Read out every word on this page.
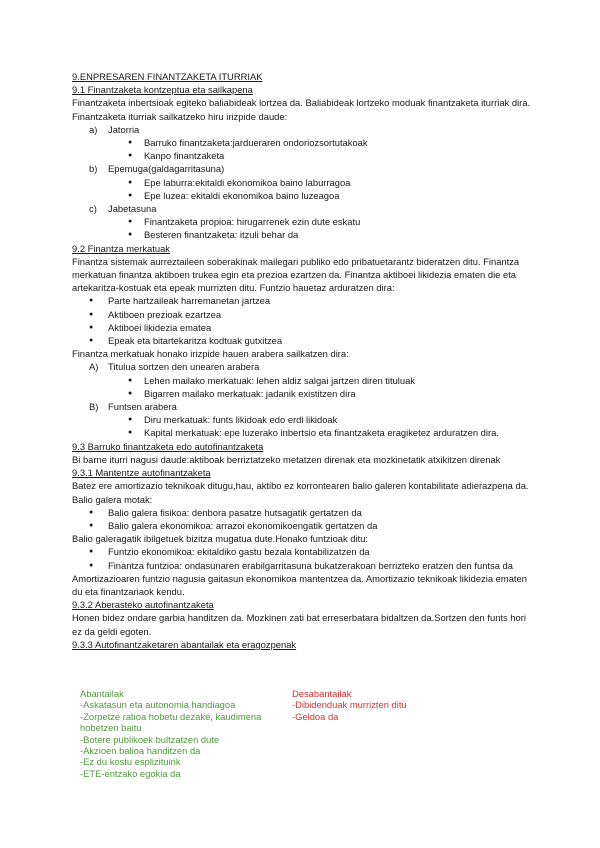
9.ENPRESAREN FINANTZAKETA ITURRIAK

9.1 Finantzaketa kontzeptua eta sailkapena

Finantzaketa inbertsioak egiteko baliabideak lortzea da. Baliabideak lortzeko moduak finantzaketa iturriak dira. Finantzaketa iturriak sailkatzeko hiru irizpide daude:

a) Jatorria
● Barruko finantzaketa:jardueraren ondoriozsortutakoak
● Kanpo finantzaketa
b) Epemuga(galdagarritasuna)
● Epe laburra:ekitaldi ekonomikoa baino laburragoa
● Epe luzea: ekitaldi ekonomikoa baino luzeagoa
c) Jabetasuna
● Finantzaketa propioa: hirugarrenek ezin dute eskatu
● Besteren finantzaketa: itzuli behar da

9.2 Finantza merkatuak

Finantza sistemak aurreztaileen soberakinak mailegari publiko edo pribatuetarantz bideratzen ditu. Finantza merkatuan finantza aktiboen trukea egin eta prezioa ezartzen da. Finantza aktiboei likidezia ematen die eta artekaritza-kostuak eta epeak murrizten ditu. Funtzio hauetaz arduratzen dira:

● Parte hartzaileak harremanetan jartzea
● Aktiboen prezioak ezartzea
● Aktiboei likidezia ematea
● Epeak eta bitartekaritza kodtuak gutxitzea

Finantza merkatuak honako irizpide hauen arabera sailkatzen dira:

A) Titulua sortzen den unearen arabera
● Lehen mailako merkatuak: lehen aldiz salgai jartzen diren tituluak
● Bigarren mailako merkatuak: jadanik existitzen dira
B) Funtsen arabera
● Diru merkatuak: funts likidoak edo erdi likidoak
● Kapital merkatuak: epe luzerako inbertsio eta finantzaketa eragiketez arduratzen dira.

9.3 Barruko finantzaketa edo autofinantzaketa

Bi barne iturri nagusi daude:aktiboak berriztatzeko metatzen direnak eta mozkinetatik atxikitzen direnak

9.3.1 Mantentze autofinantzaketa

Batez ere amortizazio teknikoak ditugu,hau, aktibo ez korrontearen balio galeren kontabilitate adierazpena da. Balio galera motak:

● Balio galera fisikoa: denbora pasatze hutsagatik gertatzen da
● Balio galera ekonomikoa: arrazoi ekonomikoengatik gertatzen da

Balio galeragatik ibilgetuek bizitza mugatua dute.Honako funtzioak ditu:

● Funtzio ekonomikoa: ekitaldiko gastu bezala kontabilizatzen da
● Finantza funtzioa: ondasunaren erabilgarritasuna bukatzerakoan berrizteko eratzen den funtsa da

Amortizazioaren funtzio nagusia gaitasun ekonomikoa mantentzea da. Amortizazio teknikoak likidezia ematen du eta finantzariaok kendu.

9.3.2 Aberasteko autofinantzaketa

Honen bidez ondare garbia handitzen da. Mozkinen zati bat erreserbatara bidaltzen da.Sortzen den funts hori ez da geldi egoten.

9.3.3 Autofinantzaketaren abantailak eta eragozpenak

Abantailak
-Askatasun eta autonomia handiagoa
-Zorpetze ratioa hobetu dezake, kaudimena hobetzen baitu
-Botere publikoek bultzatzen dute
-Akzioen balioa handitzen da
-Ez du kostu esplizituirik
-ETE-entzako egokia da
Desabantailak
-Dibidenduak murrizten ditu
-Geldoa da
